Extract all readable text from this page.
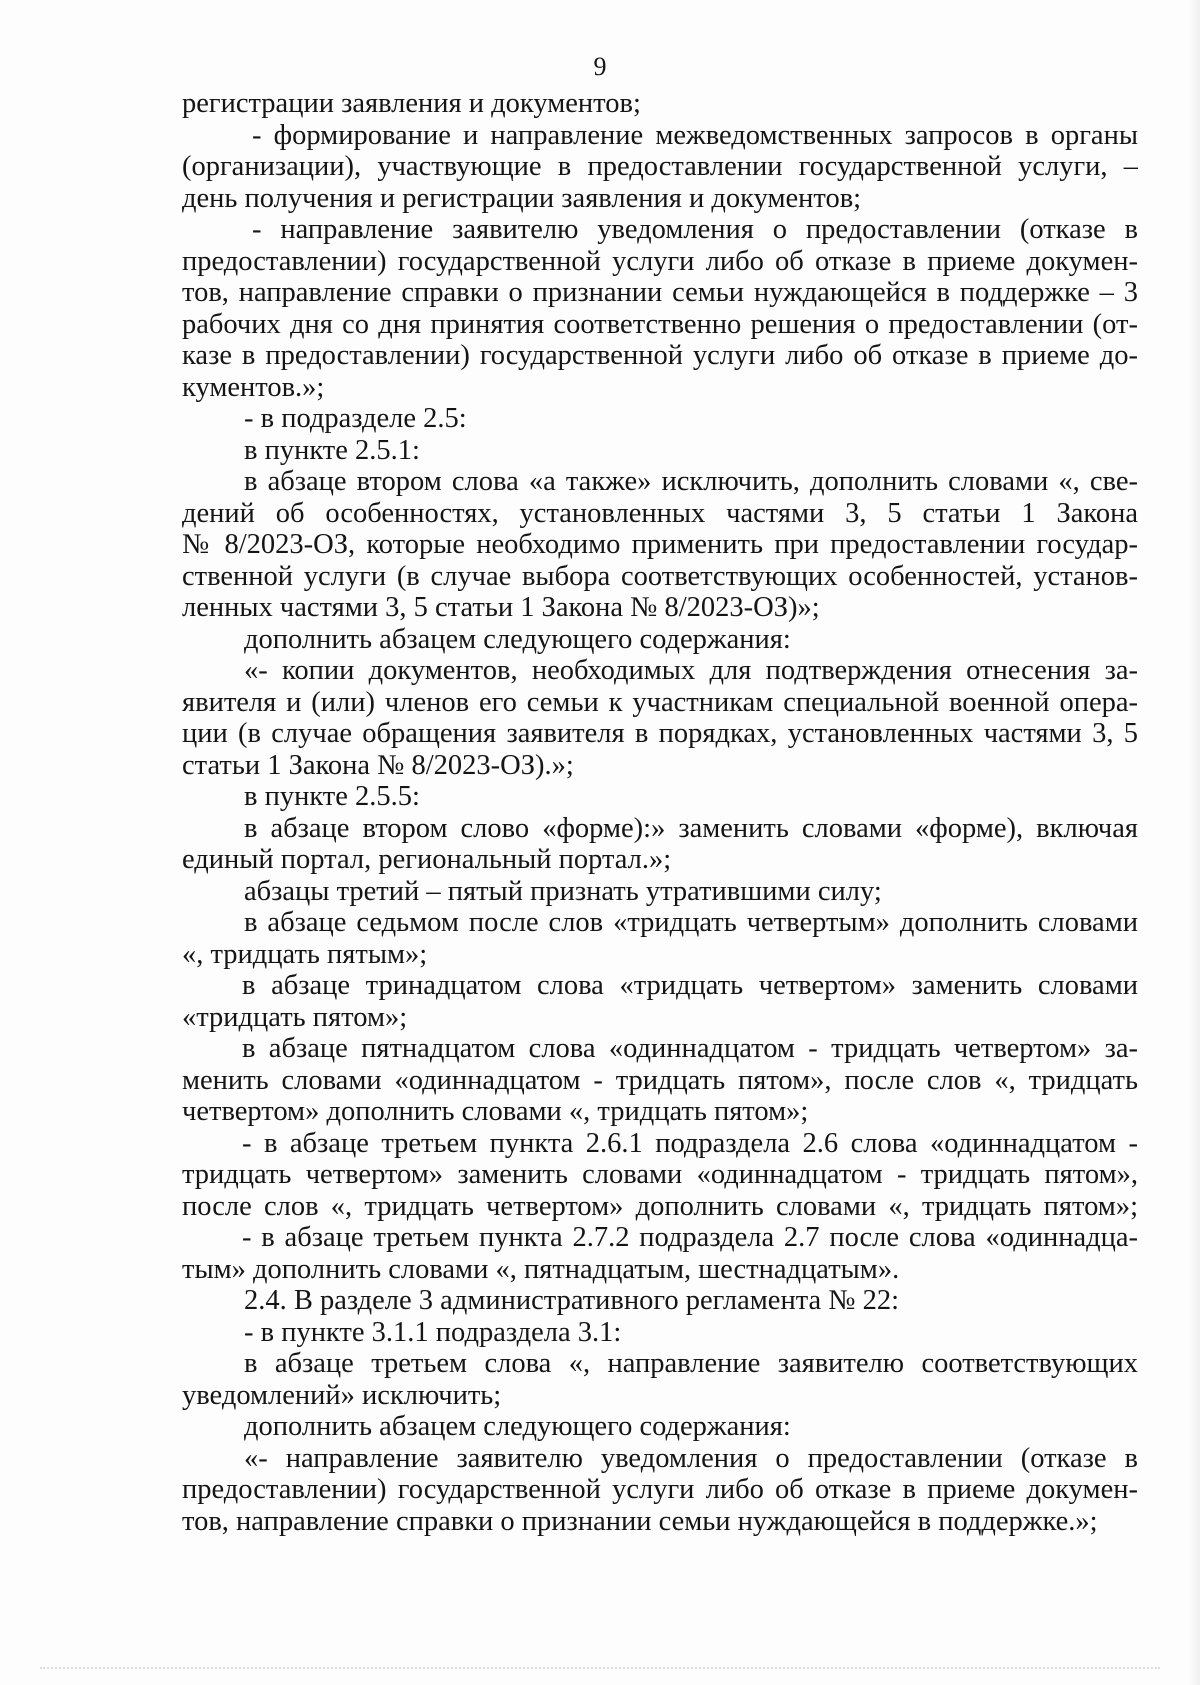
9
регистрации заявления и документов;
- формирование и направление межведомственных запросов в органы
(организации), участвующие в предоставлении государственной услуги, –
день получения и регистрации заявления и документов;
- направление заявителю уведомления о предоставлении (отказе в
предоставлении) государственной услуги либо об отказе в приеме докумен-
тов, направление справки о признании семьи нуждающейся в поддержке – 3
рабочих дня со дня принятия соответственно решения о предоставлении (от-
казе в предоставлении) государственной услуги либо об отказе в приеме до-
кументов.»;
- в подразделе 2.5:
в пункте 2.5.1:
в абзаце втором слова «а также» исключить, дополнить словами «, све-
дений об особенностях, установленных частями 3, 5 статьи 1 Закона
№ 8/2023-ОЗ, которые необходимо применить при предоставлении государ-
ственной услуги (в случае выбора соответствующих особенностей, установ-
ленных частями 3, 5 статьи 1 Закона № 8/2023-ОЗ)»;
дополнить абзацем следующего содержания:
«- копии документов, необходимых для подтверждения отнесения за-
явителя и (или) членов его семьи к участникам специальной военной опера-
ции (в случае обращения заявителя в порядках, установленных частями 3, 5
статьи 1 Закона № 8/2023-ОЗ).»;
в пункте 2.5.5:
в абзаце втором слово «форме):» заменить словами «форме), включая
единый портал, региональный портал.»;
абзацы третий – пятый признать утратившими силу;
в абзаце седьмом после слов «тридцать четвертым» дополнить словами
«, тридцать пятым»;
в абзаце тринадцатом слова «тридцать четвертом» заменить словами
«тридцать пятом»;
в абзаце пятнадцатом слова «одиннадцатом - тридцать четвертом» за-
менить словами «одиннадцатом - тридцать пятом», после слов «, тридцать
четвертом» дополнить словами «, тридцать пятом»;
- в абзаце третьем пункта 2.6.1 подраздела 2.6 слова «одиннадцатом -
тридцать четвертом» заменить словами «одиннадцатом - тридцать пятом»,
после слов «, тридцать четвертом» дополнить словами «, тридцать пятом»;
- в абзаце третьем пункта 2.7.2 подраздела 2.7 после слова «одиннадца-
тым» дополнить словами «, пятнадцатым, шестнадцатым».
2.4. В разделе 3 административного регламента № 22:
- в пункте 3.1.1 подраздела 3.1:
в абзаце третьем слова «, направление заявителю соответствующих
уведомлений» исключить;
дополнить абзацем следующего содержания:
«- направление заявителю уведомления о предоставлении (отказе в
предоставлении) государственной услуги либо об отказе в приеме докумен-
тов, направление справки о признании семьи нуждающейся в поддержке.»;
